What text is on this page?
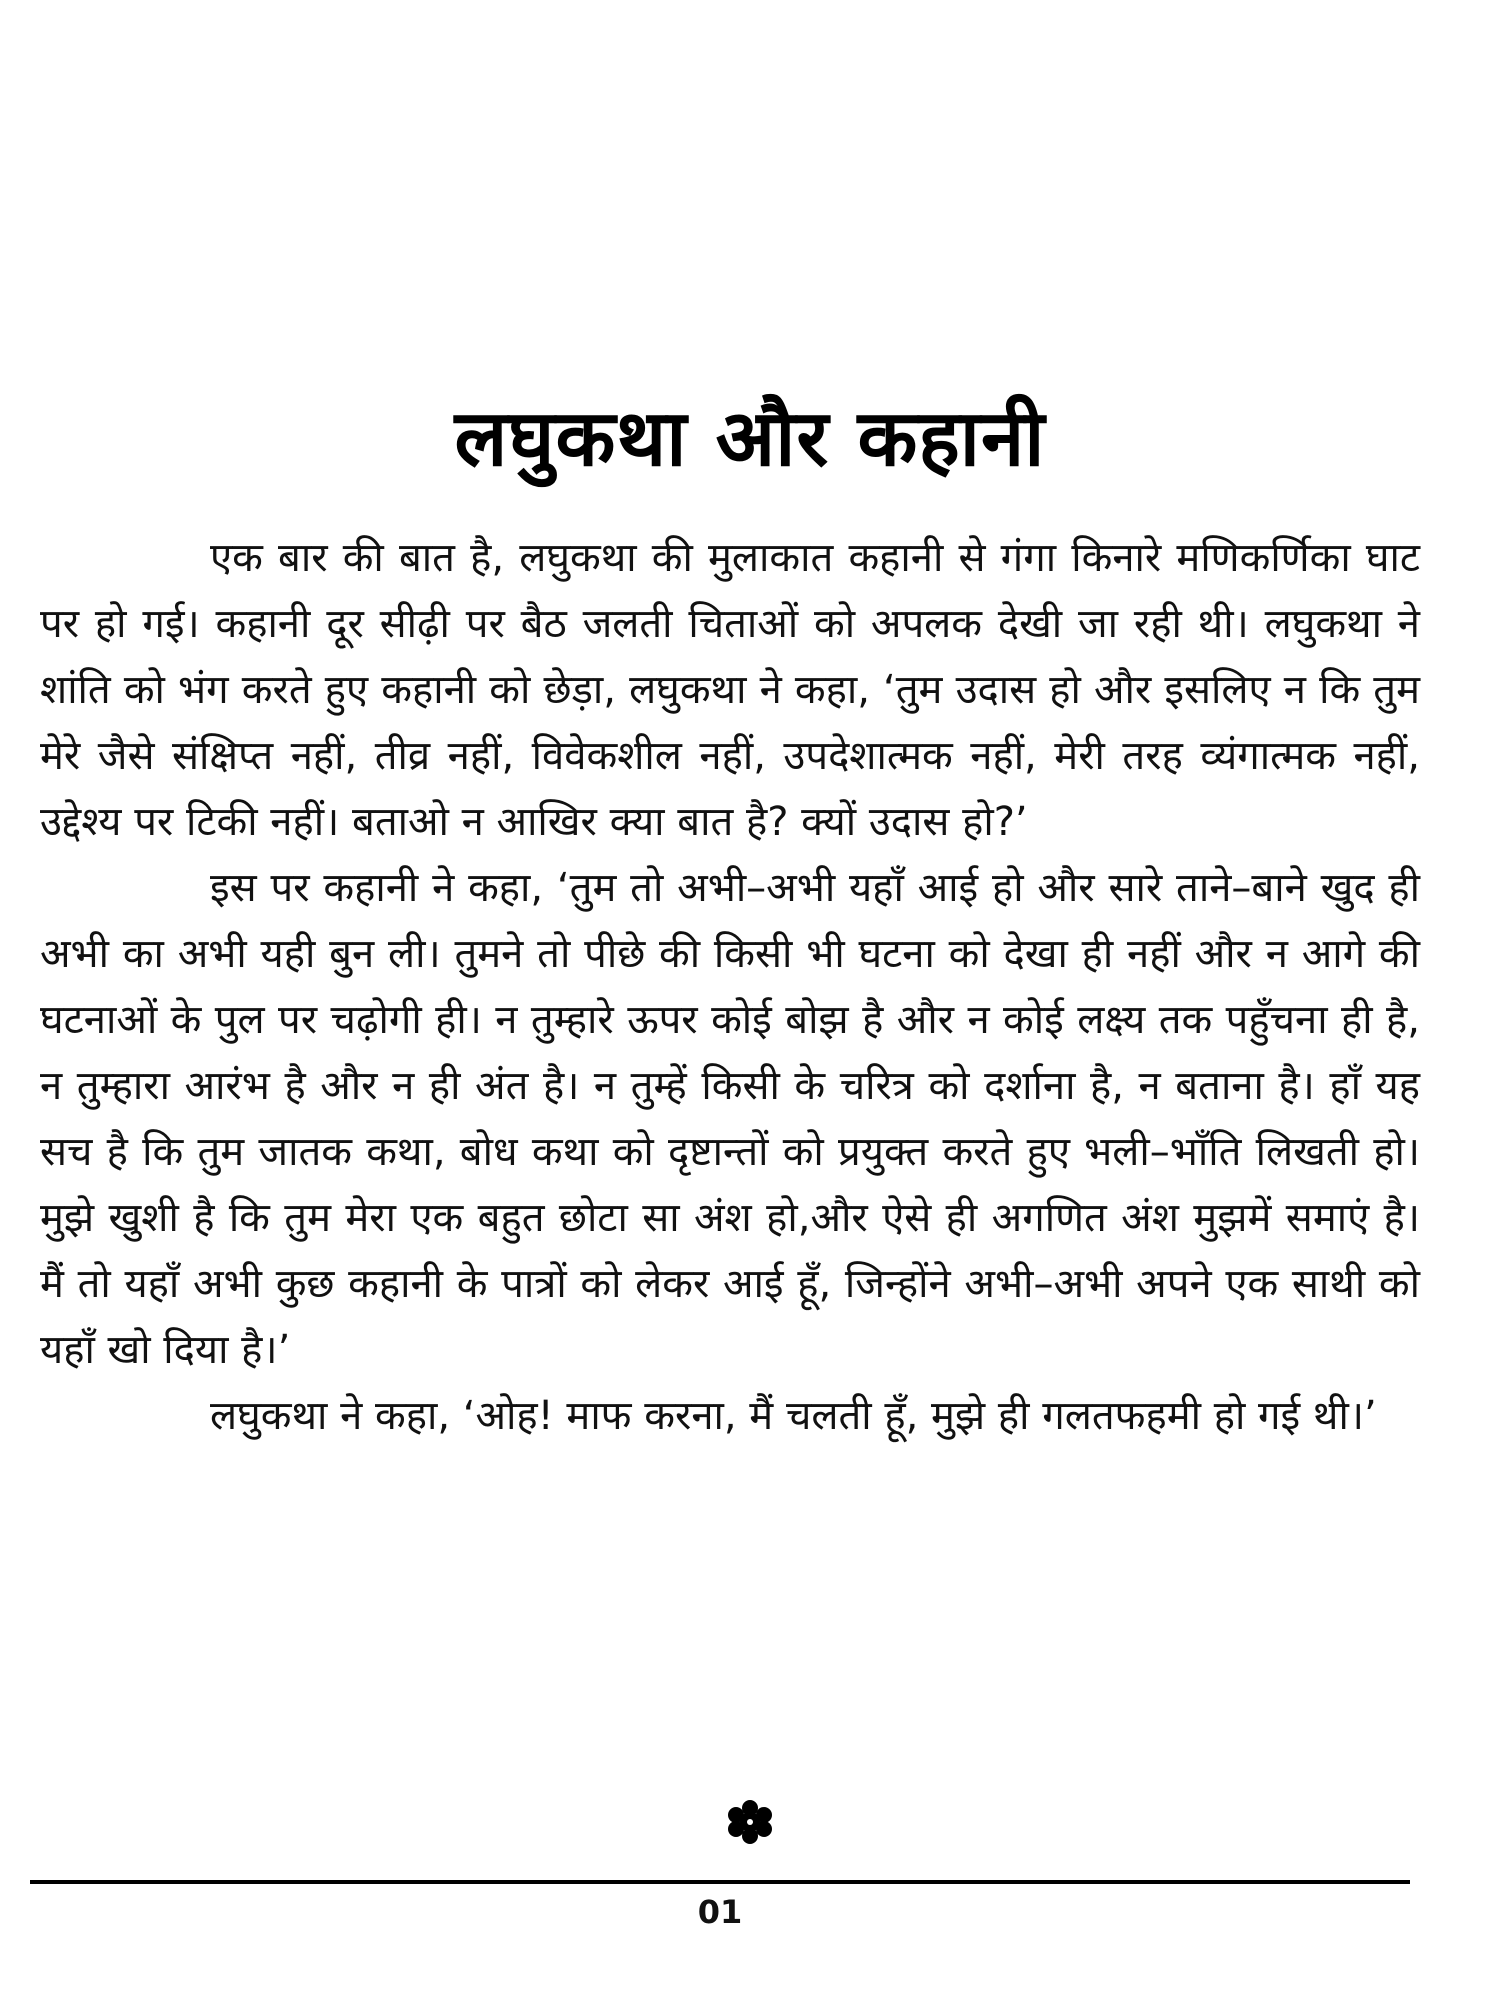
लघुकथा और कहानी

एक बार की बात है, लघुकथा की मुलाकात कहानी से गंगा किनारे मणिकर्णिका घाट पर हो गई। कहानी दूर सीढ़ी पर बैठ जलती चिताओं को अपलक देखी जा रही थी। लघुकथा ने शांति को भंग करते हुए कहानी को छेड़ा, लघुकथा ने कहा, ‘तुम उदास हो और इसलिए न कि तुम मेरे जैसे संक्षिप्त नहीं, तीव्र नहीं, विवेकशील नहीं, उपदेशात्मक नहीं, मेरी तरह व्यंगात्मक नहीं, उद्देश्य पर टिकी नहीं। बताओ न आखिर क्या बात है? क्यों उदास हो?’

इस पर कहानी ने कहा, ‘तुम तो अभी–अभी यहाँ आई हो और सारे ताने–बाने खुद ही अभी का अभी यही बुन ली। तुमने तो पीछे की किसी भी घटना को देखा ही नहीं और न आगे की घटनाओं के पुल पर चढ़ोगी ही। न तुम्हारे ऊपर कोई बोझ है और न कोई लक्ष्य तक पहुँचना ही है, न तुम्हारा आरंभ है और न ही अंत है। न तुम्हें किसी के चरित्र को दर्शाना है, न बताना है। हाँ यह सच है कि तुम जातक कथा, बोध कथा को दृष्टान्तों को प्रयुक्त करते हुए भली–भाँति लिखती हो। मुझे खुशी है कि तुम मेरा एक बहुत छोटा सा अंश हो,और ऐसे ही अगणित अंश मुझमें समाएं है। मैं तो यहाँ अभी कुछ कहानी के पात्रों को लेकर आई हूँ, जिन्होंने अभी–अभी अपने एक साथी को यहाँ खो दिया है।’

लघुकथा ने कहा, ‘ओह! माफ करना, मैं चलती हूँ, मुझे ही गलतफहमी हो गई थी।’

01
